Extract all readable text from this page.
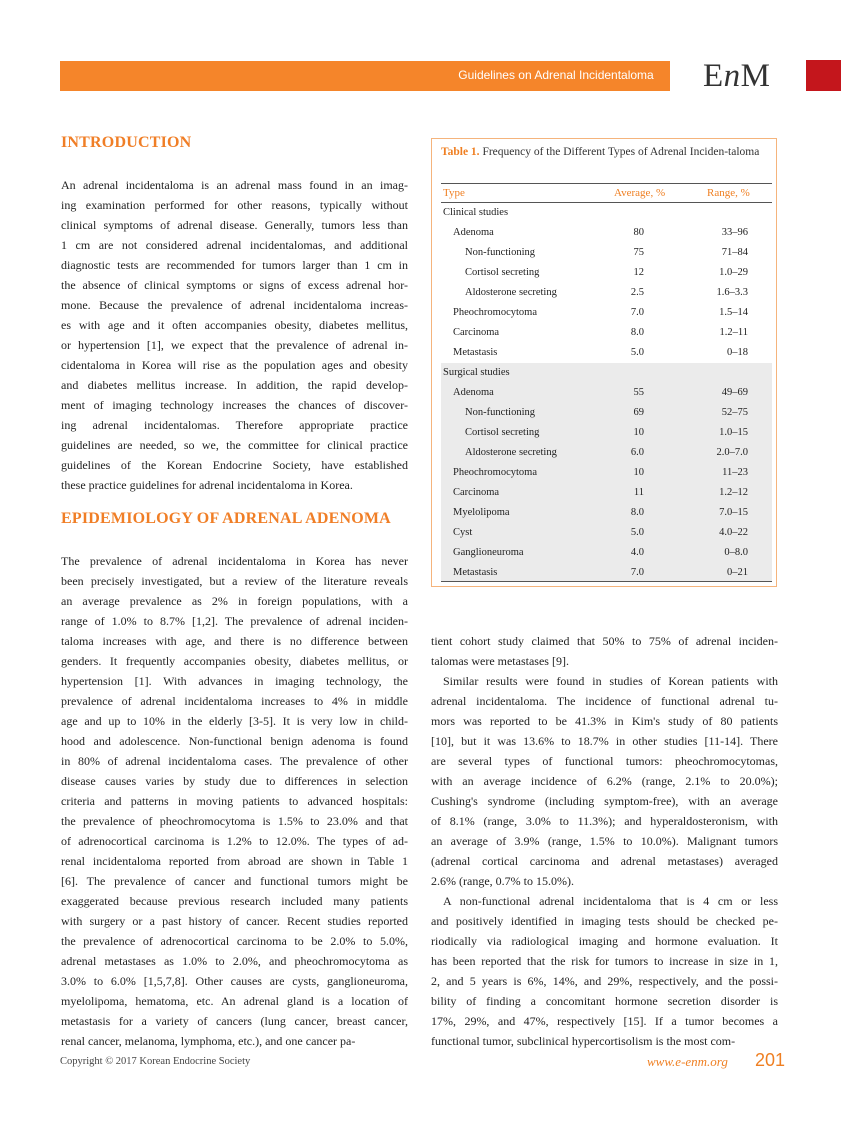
Guidelines on Adrenal Incidentaloma	EnM
INTRODUCTION
An adrenal incidentaloma is an adrenal mass found in an imag-
ing examination performed for other reasons, typically without
clinical symptoms of adrenal disease. Generally, tumors less than
1 cm are not considered adrenal incidentalomas, and additional
diagnostic tests are recommended for tumors larger than 1 cm in
the absence of clinical symptoms or signs of excess adrenal hor-
mone. Because the prevalence of adrenal incidentaloma increas-
es with age and it often accompanies obesity, diabetes mellitus,
or hypertension [1], we expect that the prevalence of adrenal in-
cidentaloma in Korea will rise as the population ages and obesity
and diabetes mellitus increase. In addition, the rapid develop-
ment of imaging technology increases the chances of discover-
ing adrenal incidentalomas. Therefore appropriate practice
guidelines are needed, so we, the committee for clinical practice
guidelines of the Korean Endocrine Society, have established
these practice guidelines for adrenal incidentaloma in Korea.
EPIDEMIOLOGY OF ADRENAL ADENOMA
The prevalence of adrenal incidentaloma in Korea has never
been precisely investigated, but a review of the literature reveals
an average prevalence as 2% in foreign populations, with a
range of 1.0% to 8.7% [1,2]. The prevalence of adrenal inciden-
taloma increases with age, and there is no difference between
genders. It frequently accompanies obesity, diabetes mellitus, or
hypertension [1]. With advances in imaging technology, the
prevalence of adrenal incidentaloma increases to 4% in middle
age and up to 10% in the elderly [3-5]. It is very low in child-
hood and adolescence. Non-functional benign adenoma is found
in 80% of adrenal incidentaloma cases. The prevalence of other
disease causes varies by study due to differences in selection
criteria and patterns in moving patients to advanced hospitals:
the prevalence of pheochromocytoma is 1.5% to 23.0% and that
of adrenocortical carcinoma is 1.2% to 12.0%. The types of ad-
renal incidentaloma reported from abroad are shown in Table 1
[6]. The prevalence of cancer and functional tumors might be
exaggerated because previous research included many patients
with surgery or a past history of cancer. Recent studies reported
the prevalence of adrenocortical carcinoma to be 2.0% to 5.0%,
adrenal metastases as 1.0% to 2.0%, and pheochromocytoma as
3.0% to 6.0% [1,5,7,8]. Other causes are cysts, ganglioneuroma,
myelolipoma, hematoma, etc. An adrenal gland is a location of
metastasis for a variety of cancers (lung cancer, breast cancer,
renal cancer, melanoma, lymphoma, etc.), and one cancer pa-
tient cohort study claimed that 50% to 75% of adrenal inciden-
talomas were metastases [9].
Similar results were found in studies of Korean patients with
adrenal incidentaloma. The incidence of functional adrenal tu-
mors was reported to be 41.3% in Kim's study of 80 patients
[10], but it was 13.6% to 18.7% in other studies [11-14]. There
are several types of functional tumors: pheochromocytomas,
with an average incidence of 6.2% (range, 2.1% to 20.0%);
Cushing's syndrome (including symptom-free), with an average
of 8.1% (range, 3.0% to 11.3%); and hyperaldosteronism, with
an average of 3.9% (range, 1.5% to 10.0%). Malignant tumors
(adrenal cortical carcinoma and adrenal metastases) averaged
2.6% (range, 0.7% to 15.0%).
A non-functional adrenal incidentaloma that is 4 cm or less
and positively identified in imaging tests should be checked pe-
riodically via radiological imaging and hormone evaluation. It
has been reported that the risk for tumors to increase in size in 1,
2, and 5 years is 6%, 14%, and 29%, respectively, and the possi-
bility of finding a concomitant hormone secretion disorder is
17%, 29%, and 47%, respectively [15]. If a tumor becomes a
functional tumor, subclinical hypercortisolism is the most com-
Table 1. Frequency of the Different Types of Adrenal Inciden-taloma
Type	Average, %	Range, %
Clinical studies
Adenoma	80	33–96
Non-functioning	75	71–84
Cortisol secreting	12	1.0–29
Aldosterone secreting	2.5	1.6–3.3
Pheochromocytoma	7.0	1.5–14
Carcinoma	8.0	1.2–11
Metastasis	5.0	0–18
Surgical studies
Adenoma	55	49–69
Non-functioning	69	52–75
Cortisol secreting	10	1.0–15
Aldosterone secreting	6.0	2.0–7.0
Pheochromocytoma	10	11–23
Carcinoma	11	1.2–12
Myelolipoma	8.0	7.0–15
Cyst	5.0	4.0–22
Ganglioneuroma	4.0	0–8.0
Metastasis	7.0	0–21
Copyright © 2017 Korean Endocrine Society	www.e-enm.org 201
